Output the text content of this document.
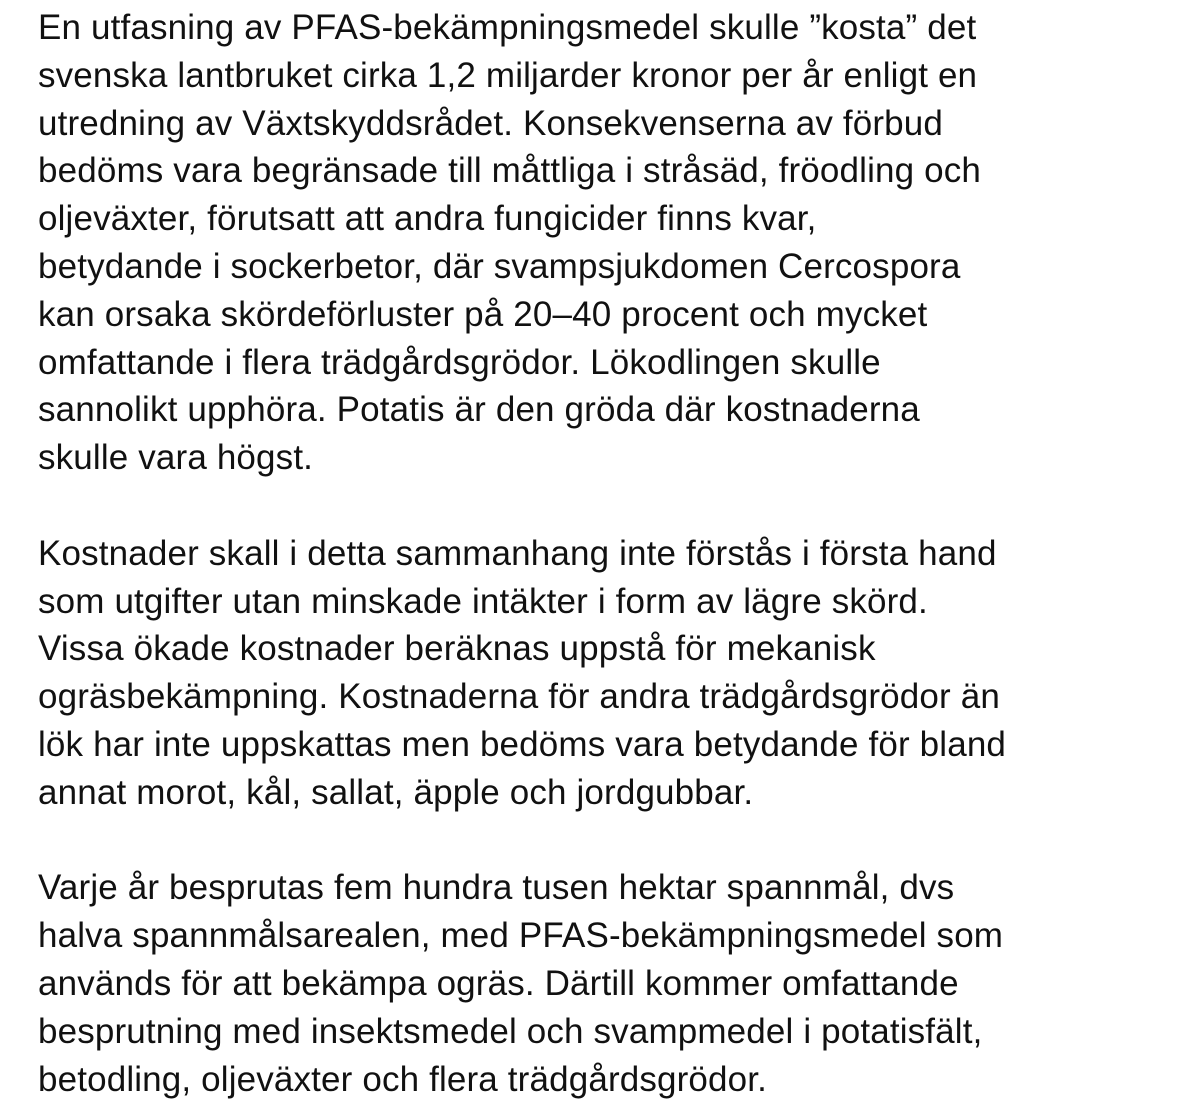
En utfasning av PFAS-bekämpningsmedel skulle ”kosta” det
svenska lantbruket cirka 1,2 miljarder kronor per år enligt en
utredning av Växtskyddsrådet. Konsekvenserna av förbud
bedöms vara begränsade till måttliga i stråsäd, fröodling och
oljeväxter, förutsatt att andra fungicider finns kvar,
betydande i sockerbetor, där svampsjukdomen Cercospora
kan orsaka skördeförluster på 20–40 procent och mycket
omfattande i flera trädgårdsgrödor. Lökodlingen skulle
sannolikt upphöra. Potatis är den gröda där kostnaderna
skulle vara högst.
Kostnader skall i detta sammanhang inte förstås i första hand
som utgifter utan minskade intäkter i form av lägre skörd.
Vissa ökade kostnader beräknas uppstå för mekanisk
ogräsbekämpning. Kostnaderna för andra trädgårdsgrödor än
lök har inte uppskattas men bedöms vara betydande för bland
annat morot, kål, sallat, äpple och jordgubbar.
Varje år besprutas fem hundra tusen hektar spannmål, dvs
halva spannmålsarealen, med PFAS-bekämpningsmedel som
används för att bekämpa ogräs. Därtill kommer omfattande
besprutning med insektsmedel och svampmedel i potatisfält,
betodling, oljeväxter och flera trädgårdsgrödor.
